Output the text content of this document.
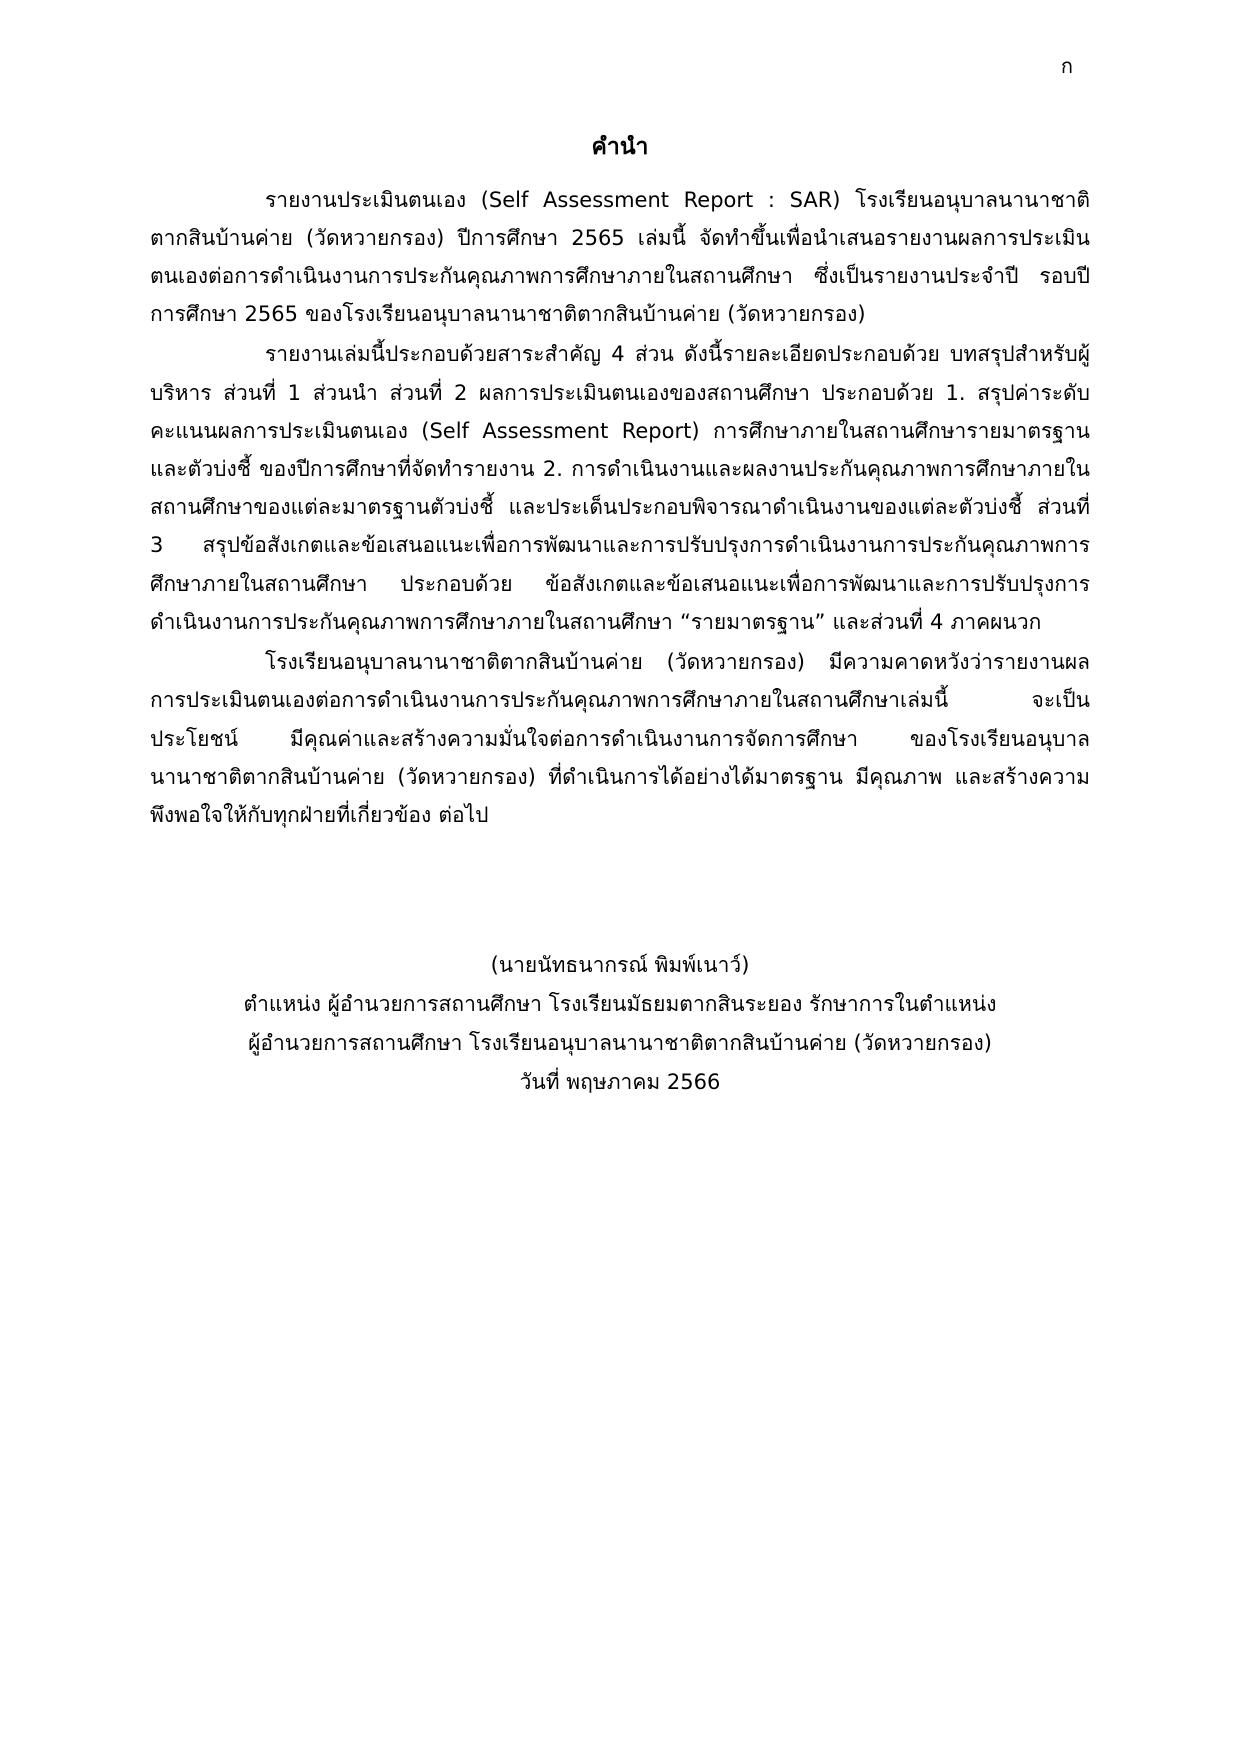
ก
คำนำ

รายงานประเมินตนเอง (Self Assessment Report : SAR) โรงเรียนอนุบาลนานาชาติตากสินบ้านค่าย (วัดหวายกรอง) ปีการศึกษา 2565 เล่มนี้ จัดทำขึ้นเพื่อนำเสนอรายงานผลการประเมินตนเองต่อการดำเนินงานการประกันคุณภาพการศึกษาภายในสถานศึกษา ซึ่งเป็นรายงานประจำปี รอบปีการศึกษา 2565 ของโรงเรียนอนุบาลนานาชาติตากสินบ้านค่าย (วัดหวายกรอง)

รายงานเล่มนี้ประกอบด้วยสาระสำคัญ 4 ส่วน ดังนี้รายละเอียดประกอบด้วย บทสรุปสำหรับผู้บริหาร ส่วนที่ 1 ส่วนนำ ส่วนที่ 2 ผลการประเมินตนเองของสถานศึกษา ประกอบด้วย 1. สรุปค่าระดับคะแนนผลการประเมินตนเอง (Self Assessment Report) การศึกษาภายในสถานศึกษารายมาตรฐานและตัวบ่งชี้ ของปีการศึกษาที่จัดทำรายงาน 2. การดำเนินงานและผลงานประกันคุณภาพการศึกษาภายในสถานศึกษาของแต่ละมาตรฐานตัวบ่งชี้ และประเด็นประกอบพิจารณาดำเนินงานของแต่ละตัวบ่งชี้ ส่วนที่ 3 สรุปข้อสังเกตและข้อเสนอแนะเพื่อการพัฒนาและการปรับปรุงการดำเนินงานการประกันคุณภาพการศึกษาภายในสถานศึกษา ประกอบด้วย ข้อสังเกตและข้อเสนอแนะเพื่อการพัฒนาและการปรับปรุงการดำเนินงานการประกันคุณภาพการศึกษาภายในสถานศึกษา “รายมาตรฐาน” และส่วนที่ 4 ภาคผนวก

โรงเรียนอนุบาลนานาชาติตากสินบ้านค่าย (วัดหวายกรอง) มีความคาดหวังว่ารายงานผลการประเมินตนเองต่อการดำเนินงานการประกันคุณภาพการศึกษาภายในสถานศึกษาเล่มนี้ จะเป็นประโยชน์ มีคุณค่าและสร้างความมั่นใจต่อการดำเนินงานการจัดการศึกษา ของโรงเรียนอนุบาลนานาชาติตากสินบ้านค่าย (วัดหวายกรอง) ที่ดำเนินการได้อย่างได้มาตรฐาน มีคุณภาพ และสร้างความพึงพอใจให้กับทุกฝ่ายที่เกี่ยวข้อง ต่อไป

(นายนัทธนากรณ์ พิมพ์เนาว์)
ตำแหน่ง ผู้อำนวยการสถานศึกษา โรงเรียนมัธยมตากสินระยอง รักษาการในตำแหน่ง
ผู้อำนวยการสถานศึกษา โรงเรียนอนุบาลนานาชาติตากสินบ้านค่าย (วัดหวายกรอง)
วันที่ พฤษภาคม 2566
